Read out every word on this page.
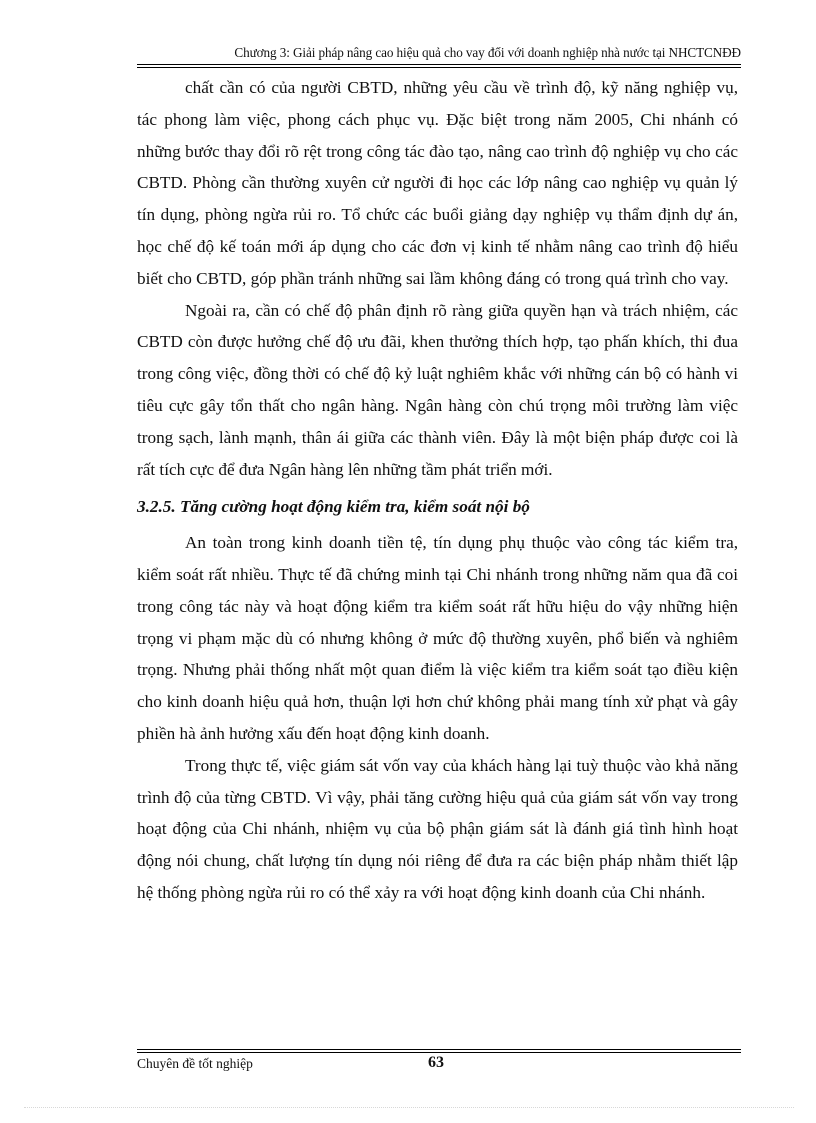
Chương 3: Giải pháp nâng cao hiệu quả cho vay đối với doanh nghiệp nhà nước tại NHCTCNĐĐ

chất cần có của người CBTD, những yêu cầu về trình độ, kỹ năng nghiệp vụ, tác phong làm việc, phong cách phục vụ. Đặc biệt trong năm 2005, Chi nhánh có những bước thay đổi rõ rệt trong công tác đào tạo, nâng cao trình độ nghiệp vụ cho các CBTD. Phòng cần thường xuyên cử người đi học các lớp nâng cao nghiệp vụ quản lý tín dụng, phòng ngừa rủi ro. Tổ chức các buổi giảng dạy nghiệp vụ thẩm định dự án, học chế độ kế toán mới áp dụng cho các đơn vị kinh tế nhằm nâng cao trình độ hiểu biết cho CBTD, góp phần tránh những sai lầm không đáng có trong quá trình cho vay.

Ngoài ra, cần có chế độ phân định rõ ràng giữa quyền hạn và trách nhiệm, các CBTD còn được hưởng chế độ ưu đãi, khen thưởng thích hợp, tạo phấn khích, thi đua trong công việc, đồng thời có chế độ kỷ luật nghiêm khắc với những cán bộ có hành vi tiêu cực gây tổn thất cho ngân hàng. Ngân hàng còn chú trọng môi trường làm việc trong sạch, lành mạnh, thân ái giữa các thành viên. Đây là một biện pháp được coi là rất tích cực để đưa Ngân hàng lên những tầm phát triển mới.

3.2.5. Tăng cường hoạt động kiểm tra, kiểm soát nội bộ

An toàn trong kinh doanh tiền tệ, tín dụng phụ thuộc vào công tác kiểm tra, kiểm soát rất nhiều. Thực tế đã chứng minh tại Chi nhánh trong những năm qua đã coi trong công tác này và hoạt động kiểm tra kiểm soát rất hữu hiệu do vậy những hiện trọng vi phạm mặc dù có nhưng không ở mức độ thường xuyên, phổ biến và nghiêm trọng. Nhưng phải thống nhất một quan điểm là việc kiểm tra kiểm soát tạo điều kiện cho kinh doanh hiệu quả hơn, thuận lợi hơn chứ không phải mang tính xử phạt và gây phiền hà ảnh hưởng xấu đến hoạt động kinh doanh.

Trong thực tế, việc giám sát vốn vay của khách hàng lại tuỳ thuộc vào khả năng trình độ của từng CBTD. Vì vậy, phải tăng cường hiệu quả của giám sát vốn vay trong hoạt động của Chi nhánh, nhiệm vụ của bộ phận giám sát là đánh giá tình hình hoạt động nói chung, chất lượng tín dụng nói riêng để đưa ra các biện pháp nhằm thiết lập hệ thống phòng ngừa rủi ro có thể xảy ra với hoạt động kinh doanh của Chi nhánh.

Chuyên đề tốt nghiệp	63
